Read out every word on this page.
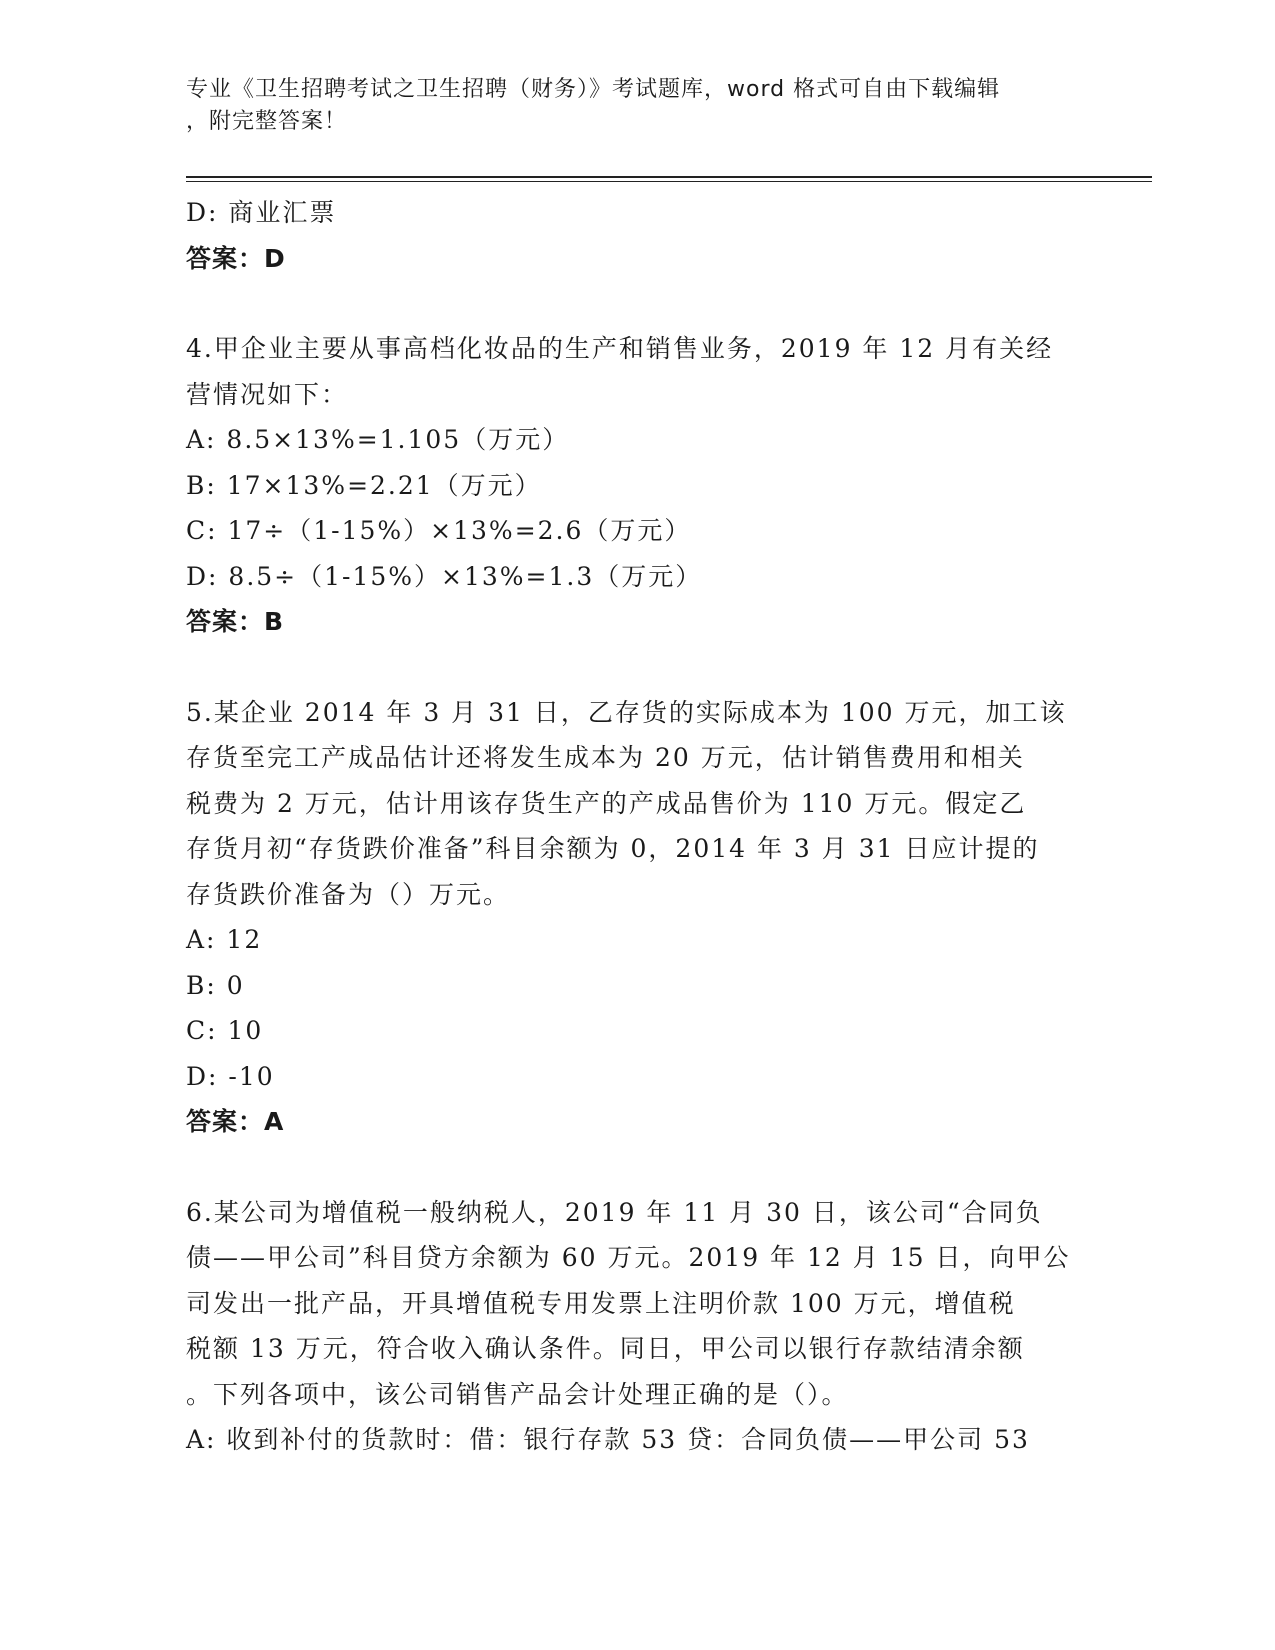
专业《卫生招聘考试之卫生招聘（财务）》考试题库，word 格式可自由下载编辑
，附完整答案！
D: 商业汇票
答案：D
4.甲企业主要从事高档化妆品的生产和销售业务，2019 年 12 月有关经
营情况如下：
A: 8.5×13%=1.105（万元）
B: 17×13%=2.21（万元）
C: 17÷（1-15%）×13%=2.6（万元）
D: 8.5÷（1-15%）×13%=1.3（万元）
答案：B
5.某企业 2014 年 3 月 31 日，乙存货的实际成本为 100 万元，加工该
存货至完工产成品估计还将发生成本为 20 万元，估计销售费用和相关
税费为 2 万元，估计用该存货生产的产成品售价为 110 万元。假定乙
存货月初“存货跌价准备”科目余额为 0，2014 年 3 月 31 日应计提的
存货跌价准备为（）万元。
A: 12
B: 0
C: 10
D: -10
答案：A
6.某公司为增值税一般纳税人，2019 年 11 月 30 日，该公司“合同负
债——甲公司”科目贷方余额为 60 万元。2019 年 12 月 15 日，向甲公
司发出一批产品，开具增值税专用发票上注明价款 100 万元，增值税
税额 13 万元，符合收入确认条件。同日，甲公司以银行存款结清余额
。下列各项中，该公司销售产品会计处理正确的是（）。
A: 收到补付的货款时：借：银行存款 53 贷：合同负债——甲公司 53
